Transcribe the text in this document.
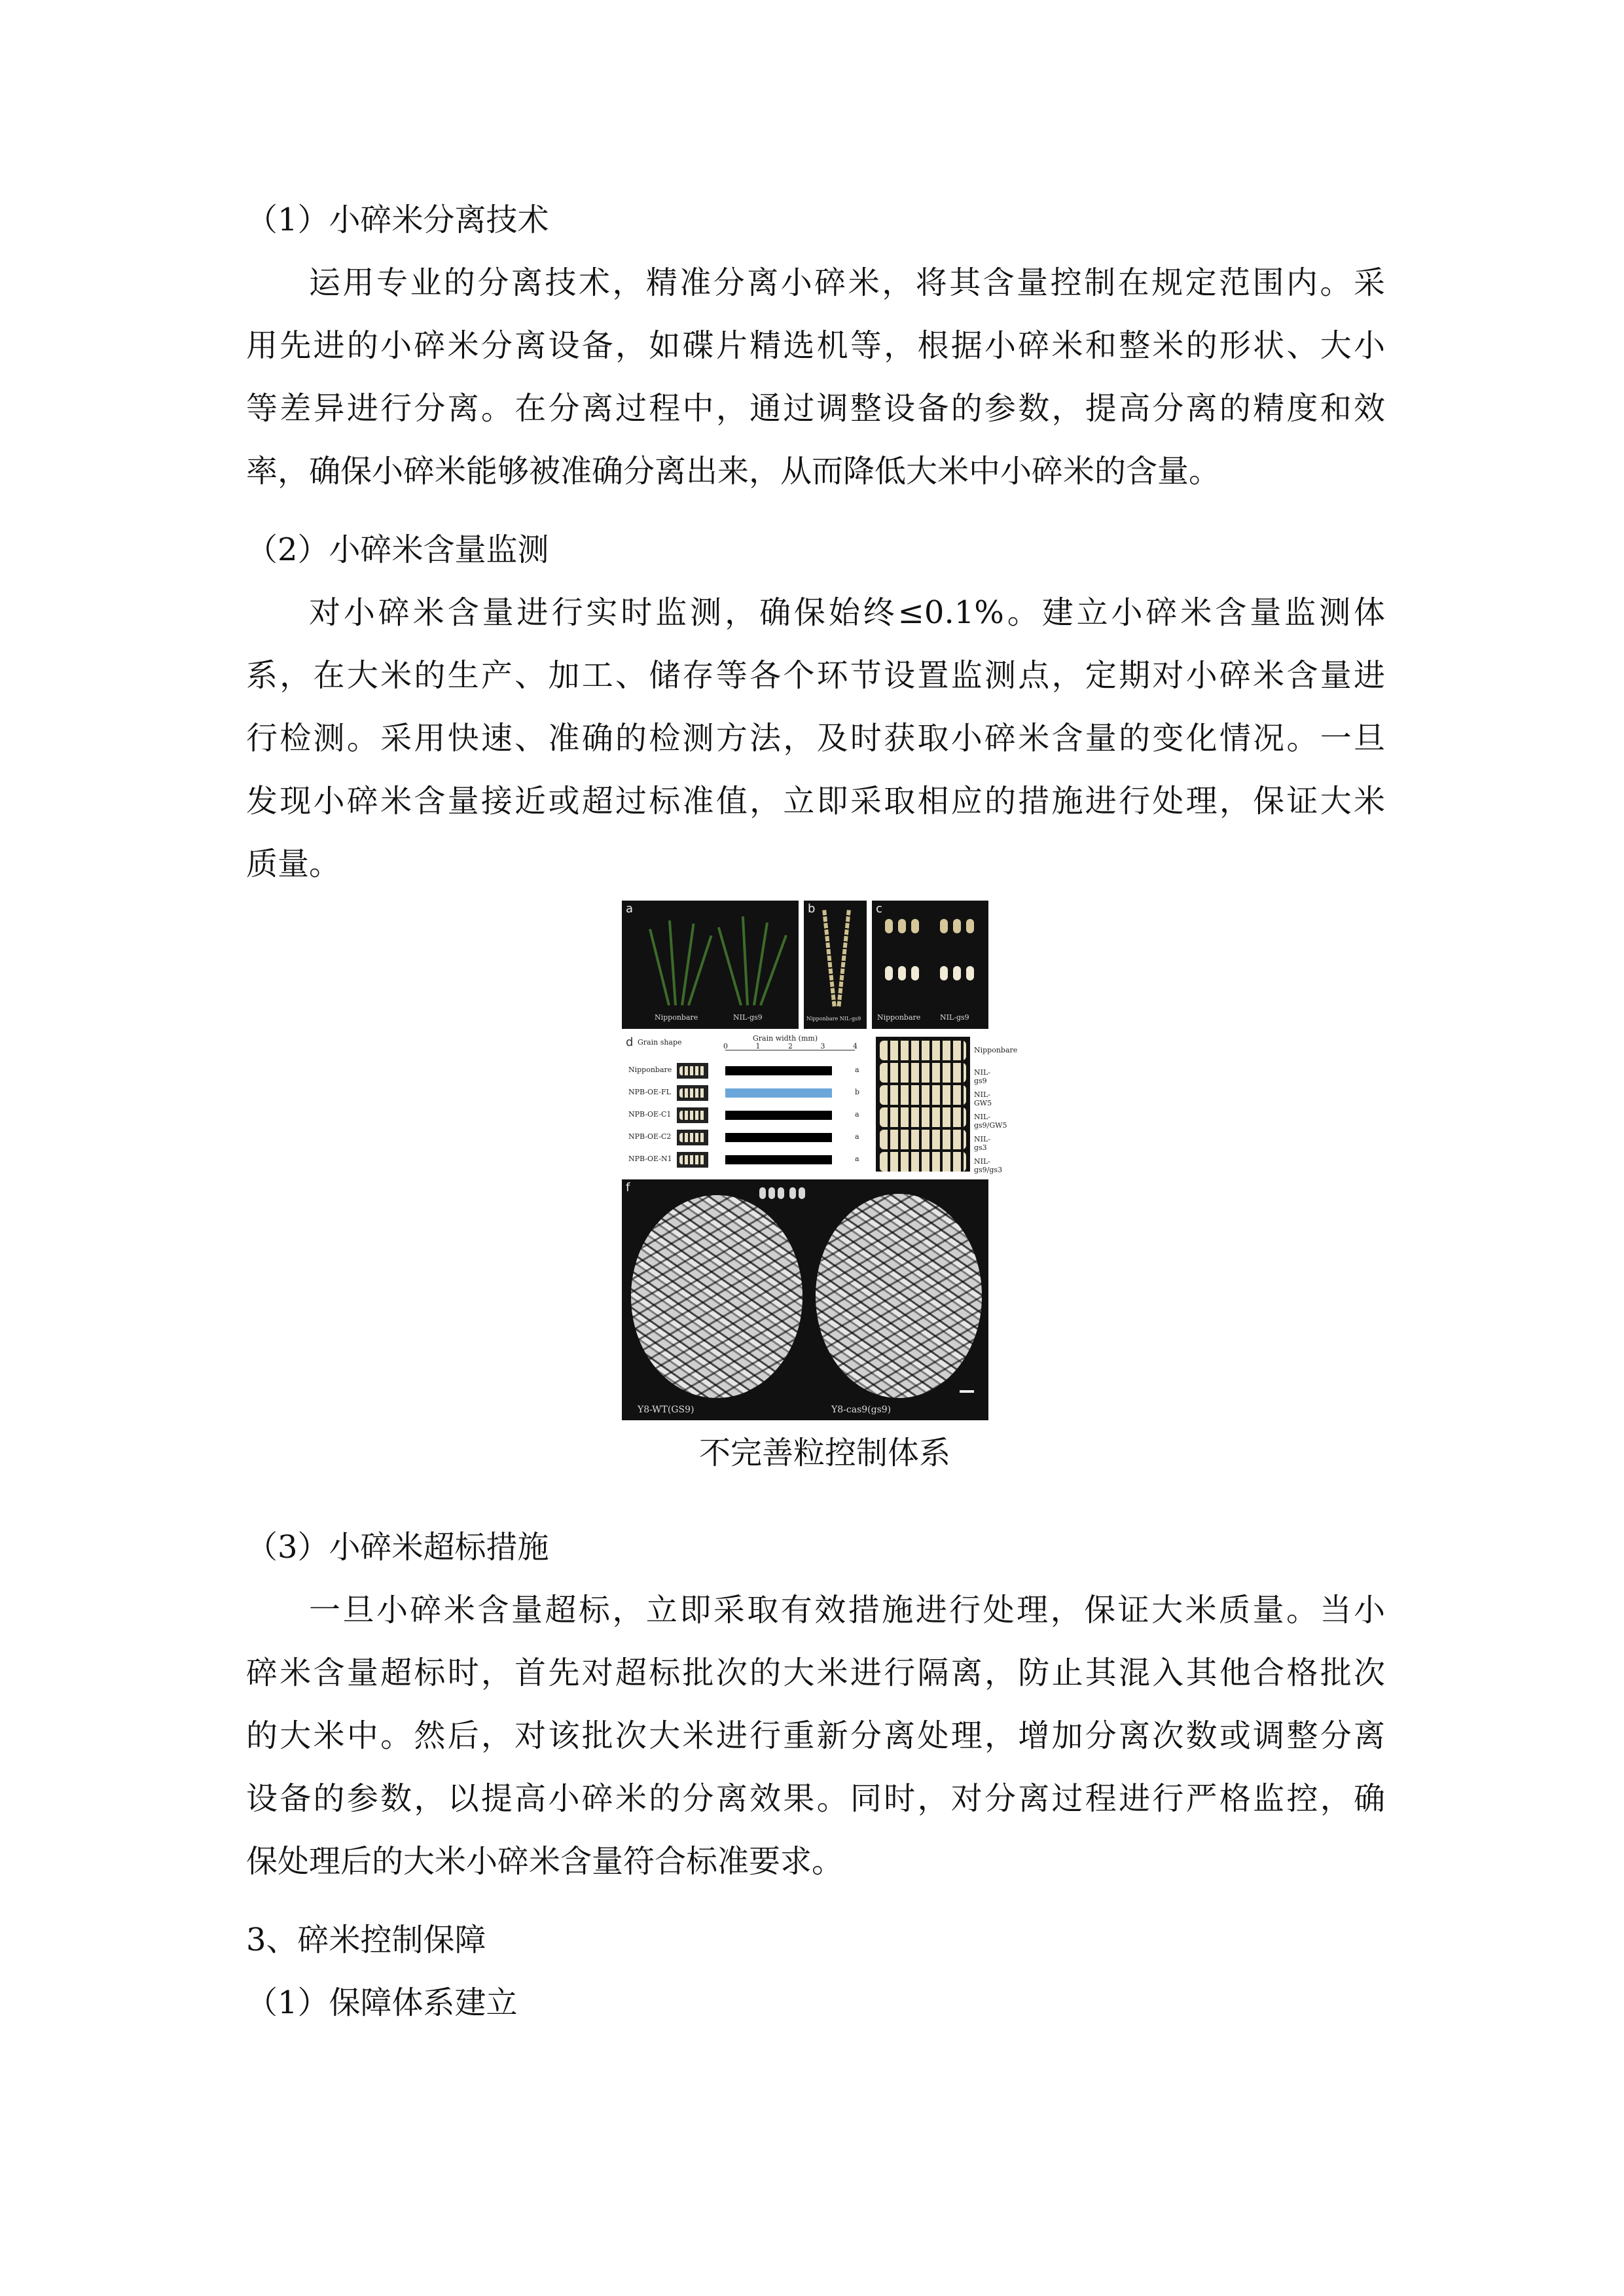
（1）小碎米分离技术
运用专业的分离技术，精准分离小碎米，将其含量控制在规定范围内。采
用先进的小碎米分离设备，如碟片精选机等，根据小碎米和整米的形状、大小
等差异进行分离。在分离过程中，通过调整设备的参数，提高分离的精度和效
率，确保小碎米能够被准确分离出来，从而降低大米中小碎米的含量。
（2）小碎米含量监测
对小碎米含量进行实时监测，确保始终≤0.1%。建立小碎米含量监测体
系，在大米的生产、加工、储存等各个环节设置监测点，定期对小碎米含量进
行检测。采用快速、准确的检测方法，及时获取小碎米含量的变化情况。一旦
发现小碎米含量接近或超过标准值，立即采取相应的措施进行处理，保证大米
质量。
a
Nipponbare	NIL-gs9
b
Nipponbare NIL-gs9
c
Nipponbare	NIL-gs9
d Grain shape	Grain width (mm)
0	1	2	3	4
Nipponbare	a
NPB-OE-FL	b
NPB-OE-C1	a
NPB-OE-C2	a
NPB-OE-N1	a
Nipponbare
NIL-gs9
NIL-GW5
NIL-gs9/GW5
NIL-gs3
NIL-gs9/gs3
f
Y8-WT(GS9)	Y8-cas9(gs9)
不完善粒控制体系
（3）小碎米超标措施
一旦小碎米含量超标，立即采取有效措施进行处理，保证大米质量。当小
碎米含量超标时，首先对超标批次的大米进行隔离，防止其混入其他合格批次
的大米中。然后，对该批次大米进行重新分离处理，增加分离次数或调整分离
设备的参数，以提高小碎米的分离效果。同时，对分离过程进行严格监控，确
保处理后的大米小碎米含量符合标准要求。
3、碎米控制保障
（1）保障体系建立
